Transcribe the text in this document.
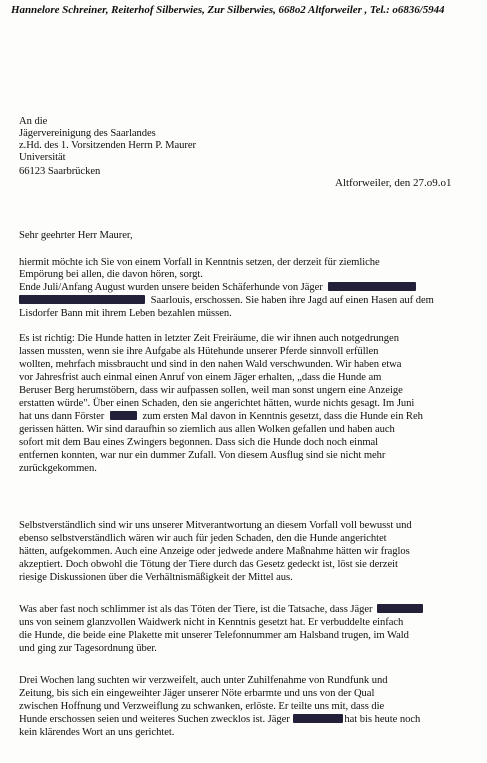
Hannelore Schreiner, Reiterhof Silberwies, Zur Silberwies, 668o2 Altforweiler , Tel.: o6836/5944
An die
Jägervereinigung des Saarlandes
z.Hd. des 1. Vorsitzenden Herrn P. Maurer
Universität
66123 Saarbrücken
Altforweiler, den 27.o9.o1
Sehr geehrter Herr Maurer,
hiermit möchte ich Sie von einem Vorfall in Kenntnis setzen, der derzeit für ziemliche
Empörung bei allen, die davon hören, sorgt.
Ende Juli/Anfang August wurden unsere beiden Schäferhunde von Jäger
Saarlouis, erschossen. Sie haben ihre Jagd auf einen Hasen auf dem
Lisdorfer Bann mit ihrem Leben bezahlen müssen.
Es ist richtig: Die Hunde hatten in letzter Zeit Freiräume, die wir ihnen auch notgedrungen
lassen mussten, wenn sie ihre Aufgabe als Hütehunde unserer Pferde sinnvoll erfüllen
wollten, mehrfach missbraucht und sind in den nahen Wald verschwunden. Wir haben etwa
vor Jahresfrist auch einmal einen Anruf von einem Jäger erhalten, „dass die Hunde am
Beruser Berg herumstöbern, dass wir aufpassen sollen, weil man sonst ungern eine Anzeige
erstatten würde". Über einen Schaden, den sie angerichtet hätten, wurde nichts gesagt. Im Juni
hat uns dann Förster	zum ersten Mal davon in Kenntnis gesetzt, dass die Hunde ein Reh
gerissen hätten. Wir sind daraufhin so ziemlich aus allen Wolken gefallen und haben auch
sofort mit dem Bau eines Zwingers begonnen. Dass sich die Hunde doch noch einmal
entfernen konnten, war nur ein dummer Zufall. Von diesem Ausflug sind sie nicht mehr
zurückgekommen.
Selbstverständlich sind wir uns unserer Mitverantwortung an diesem Vorfall voll bewusst und
ebenso selbstverständlich wären wir auch für jeden Schaden, den die Hunde angerichtet
hätten, aufgekommen. Auch eine Anzeige oder jedwede andere Maßnahme hätten wir fraglos
akzeptiert. Doch obwohl die Tötung der Tiere durch das Gesetz gedeckt ist, löst sie derzeit
riesige Diskussionen über die Verhältnismäßigkeit der Mittel aus.
Was aber fast noch schlimmer ist als das Töten der Tiere, ist die Tatsache, dass Jäger
uns von seinem glanzvollen Waidwerk nicht in Kenntnis gesetzt hat. Er verbuddelte einfach
die Hunde, die beide eine Plakette mit unserer Telefonnummer am Halsband trugen, im Wald
und ging zur Tagesordnung über.
Drei Wochen lang suchten wir verzweifelt, auch unter Zuhilfenahme von Rundfunk und
Zeitung, bis sich ein eingeweihter Jäger unserer Nöte erbarmte und uns von der Qual
zwischen Hoffnung und Verzweiflung zu schwanken, erlöste. Er teilte uns mit, dass die
Hunde erschossen seien und weiteres Suchen zwecklos ist. Jäger	hat bis heute noch
kein klärendes Wort an uns gerichtet.
